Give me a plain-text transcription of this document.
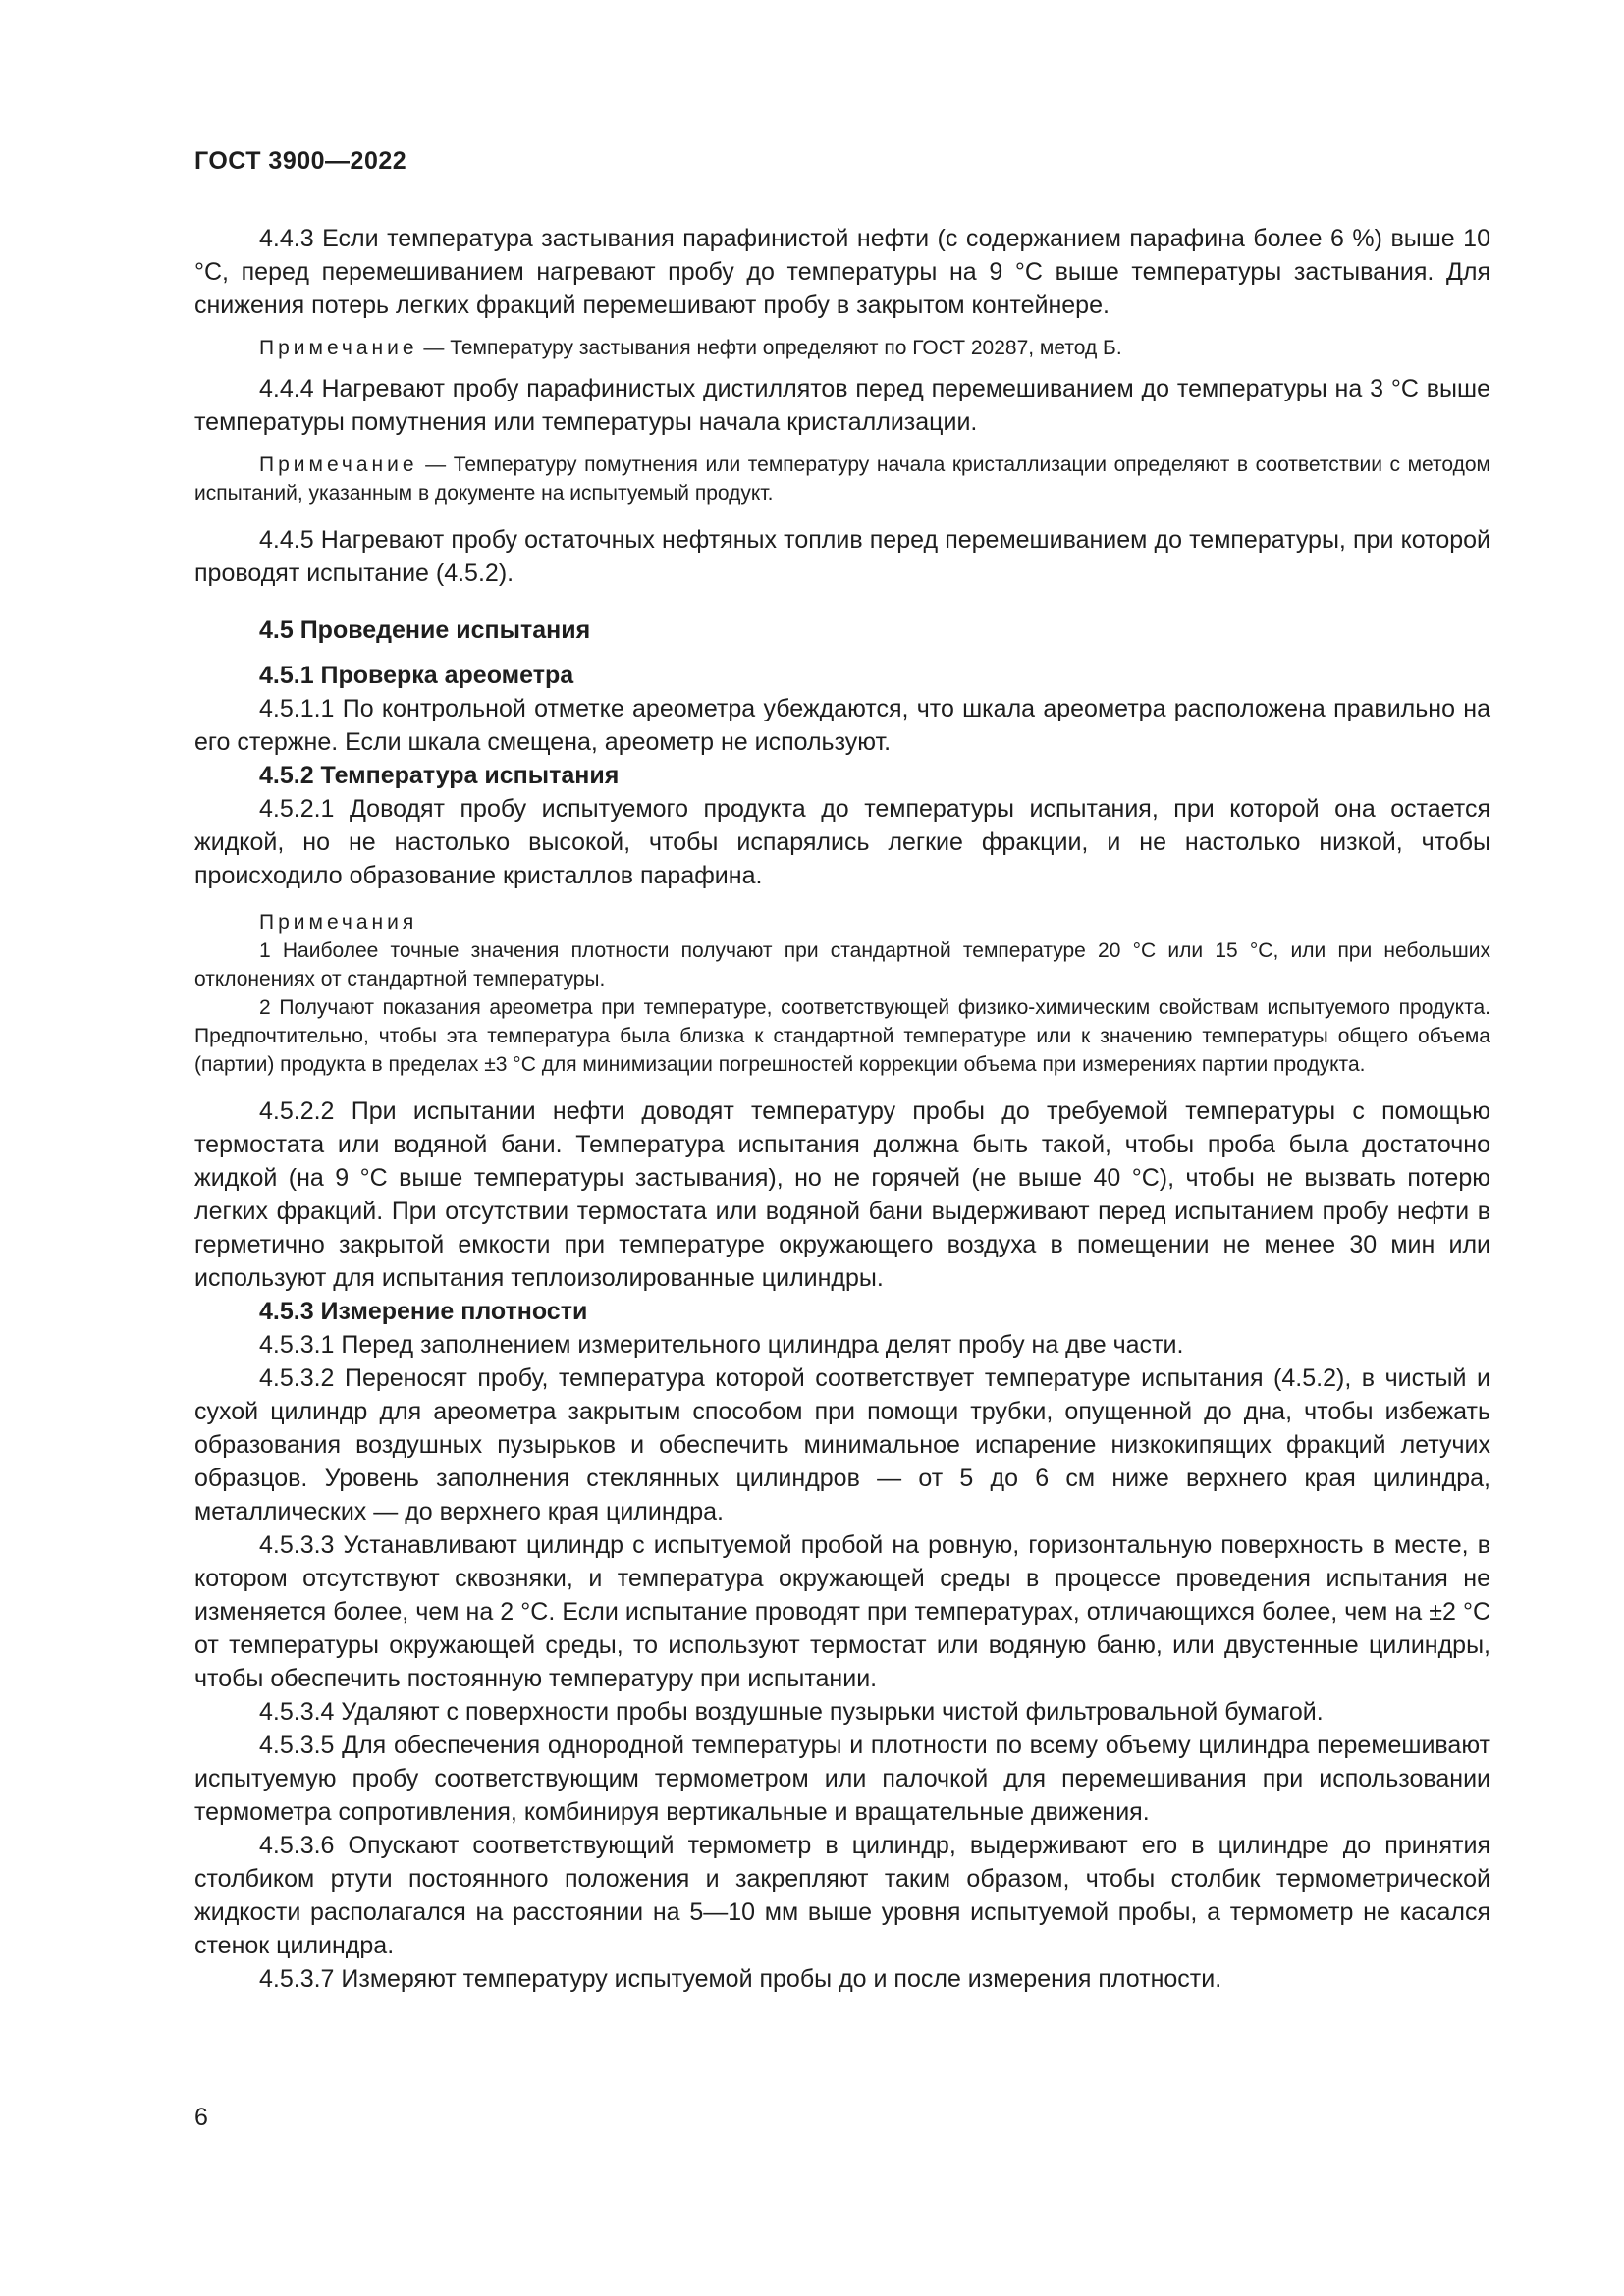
ГОСТ 3900—2022

4.4.3 Если температура застывания парафинистой нефти (с содержанием парафина более 6 %) выше 10 °С, перед перемешиванием нагревают пробу до температуры на 9 °С выше температуры застывания. Для снижения потерь легких фракций перемешивают пробу в закрытом контейнере.

Примечание — Температуру застывания нефти определяют по ГОСТ 20287, метод Б.

4.4.4 Нагревают пробу парафинистых дистиллятов перед перемешиванием до температуры на 3 °С выше температуры помутнения или температуры начала кристаллизации.

Примечание — Температуру помутнения или температуру начала кристаллизации определяют в соответствии с методом испытаний, указанным в документе на испытуемый продукт.

4.4.5 Нагревают пробу остаточных нефтяных топлив перед перемешиванием до температуры, при которой проводят испытание (4.5.2).

4.5 Проведение испытания

4.5.1 Проверка ареометра

4.5.1.1 По контрольной отметке ареометра убеждаются, что шкала ареометра расположена правильно на его стержне. Если шкала смещена, ареометр не используют.

4.5.2 Температура испытания

4.5.2.1 Доводят пробу испытуемого продукта до температуры испытания, при которой она остается жидкой, но не настолько высокой, чтобы испарялись легкие фракции, и не настолько низкой, чтобы происходило образование кристаллов парафина.

Примечания

1 Наиболее точные значения плотности получают при стандартной температуре 20 °С или 15 °С, или при небольших отклонениях от стандартной температуры.

2 Получают показания ареометра при температуре, соответствующей физико-химическим свойствам испытуемого продукта. Предпочтительно, чтобы эта температура была близка к стандартной температуре или к значению температуры общего объема (партии) продукта в пределах ±3 °С для минимизации погрешностей коррекции объема при измерениях партии продукта.

4.5.2.2 При испытании нефти доводят температуру пробы до требуемой температуры с помощью термостата или водяной бани. Температура испытания должна быть такой, чтобы проба была достаточно жидкой (на 9 °С выше температуры застывания), но не горячей (не выше 40 °С), чтобы не вызвать потерю легких фракций. При отсутствии термостата или водяной бани выдерживают перед испытанием пробу нефти в герметично закрытой емкости при температуре окружающего воздуха в помещении не менее 30 мин или используют для испытания теплоизолированные цилиндры.

4.5.3 Измерение плотности

4.5.3.1 Перед заполнением измерительного цилиндра делят пробу на две части.

4.5.3.2 Переносят пробу, температура которой соответствует температуре испытания (4.5.2), в чистый и сухой цилиндр для ареометра закрытым способом при помощи трубки, опущенной до дна, чтобы избежать образования воздушных пузырьков и обеспечить минимальное испарение низкокипящих фракций летучих образцов. Уровень заполнения стеклянных цилиндров — от 5 до 6 см ниже верхнего края цилиндра, металлических — до верхнего края цилиндра.

4.5.3.3 Устанавливают цилиндр с испытуемой пробой на ровную, горизонтальную поверхность в месте, в котором отсутствуют сквозняки, и температура окружающей среды в процессе проведения испытания не изменяется более, чем на 2 °С. Если испытание проводят при температурах, отличающихся более, чем на ±2 °С от температуры окружающей среды, то используют термостат или водяную баню, или двустенные цилиндры, чтобы обеспечить постоянную температуру при испытании.

4.5.3.4 Удаляют с поверхности пробы воздушные пузырьки чистой фильтровальной бумагой.

4.5.3.5 Для обеспечения однородной температуры и плотности по всему объему цилиндра перемешивают испытуемую пробу соответствующим термометром или палочкой для перемешивания при использовании термометра сопротивления, комбинируя вертикальные и вращательные движения.

4.5.3.6 Опускают соответствующий термометр в цилиндр, выдерживают его в цилиндре до принятия столбиком ртути постоянного положения и закрепляют таким образом, чтобы столбик термометрической жидкости располагался на расстоянии на 5—10 мм выше уровня испытуемой пробы, а термометр не касался стенок цилиндра.

4.5.3.7 Измеряют температуру испытуемой пробы до и после измерения плотности.

6
